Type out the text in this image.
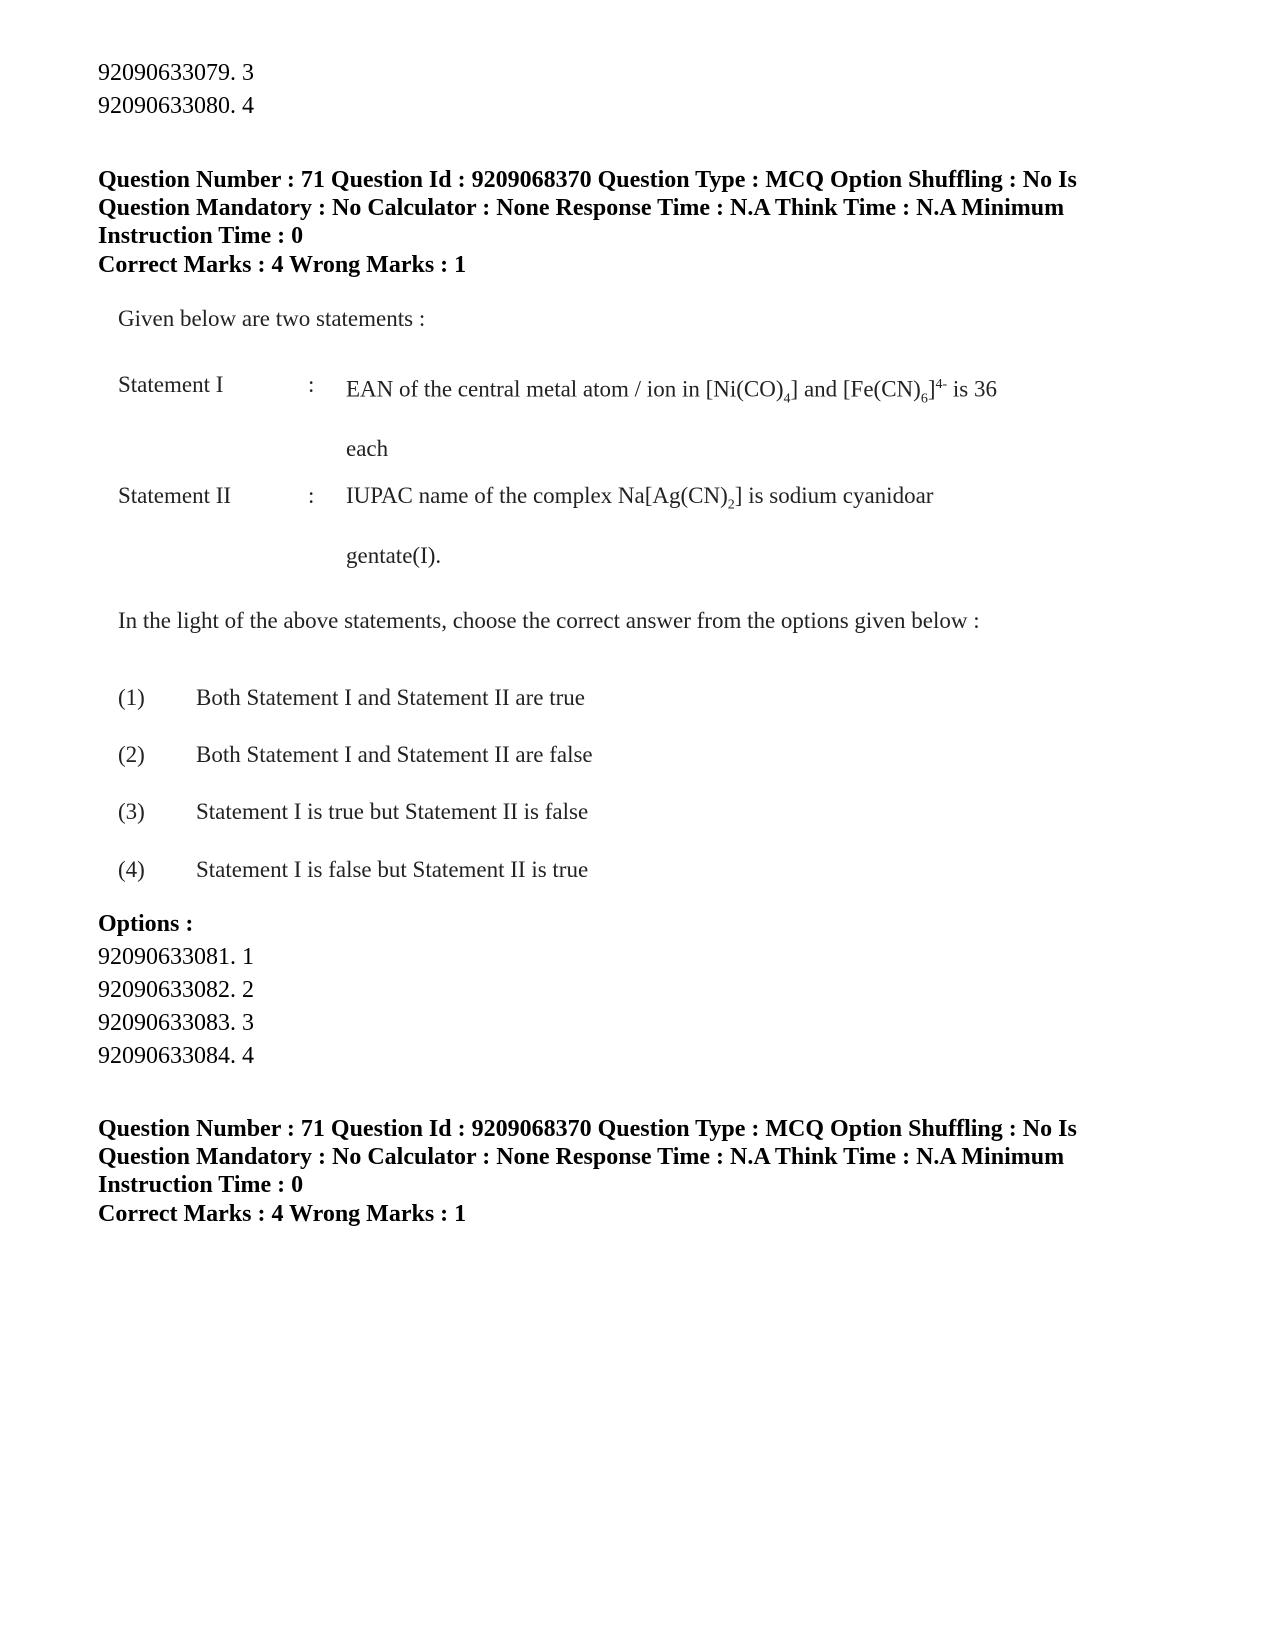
92090633079. 3
92090633080. 4

Question Number : 71 Question Id : 9209068370 Question Type : MCQ Option Shuffling : No Is

Question Mandatory : No Calculator : None Response Time : N.A Think Time : N.A Minimum

Instruction Time : 0

Correct Marks : 4 Wrong Marks : 1
Given below are two statements :
Statement I	: EAN of the central metal atom / ion in $[Ni(CO)_4]$ and $[Fe(CN)_6]^{4-}$ is 36
each
Statement II	: IUPAC name of the complex $Na[Ag(CN)_2]$ is sodium cyanidoar
gentate(I).
In the light of the above statements, choose the correct answer from the options given below :
(1) Both Statement I and Statement II are true
(2) Both Statement I and Statement II are false
(3) Statement I is true but Statement II is false
(4) Statement I is false but Statement II is true
Options :
92090633081. 1
92090633082. 2
92090633083. 3
92090633084. 4

Question Number : 71 Question Id : 9209068370 Question Type : MCQ Option Shuffling : No Is

Question Mandatory : No Calculator : None Response Time : N.A Think Time : N.A Minimum

Instruction Time : 0

Correct Marks : 4 Wrong Marks : 1
